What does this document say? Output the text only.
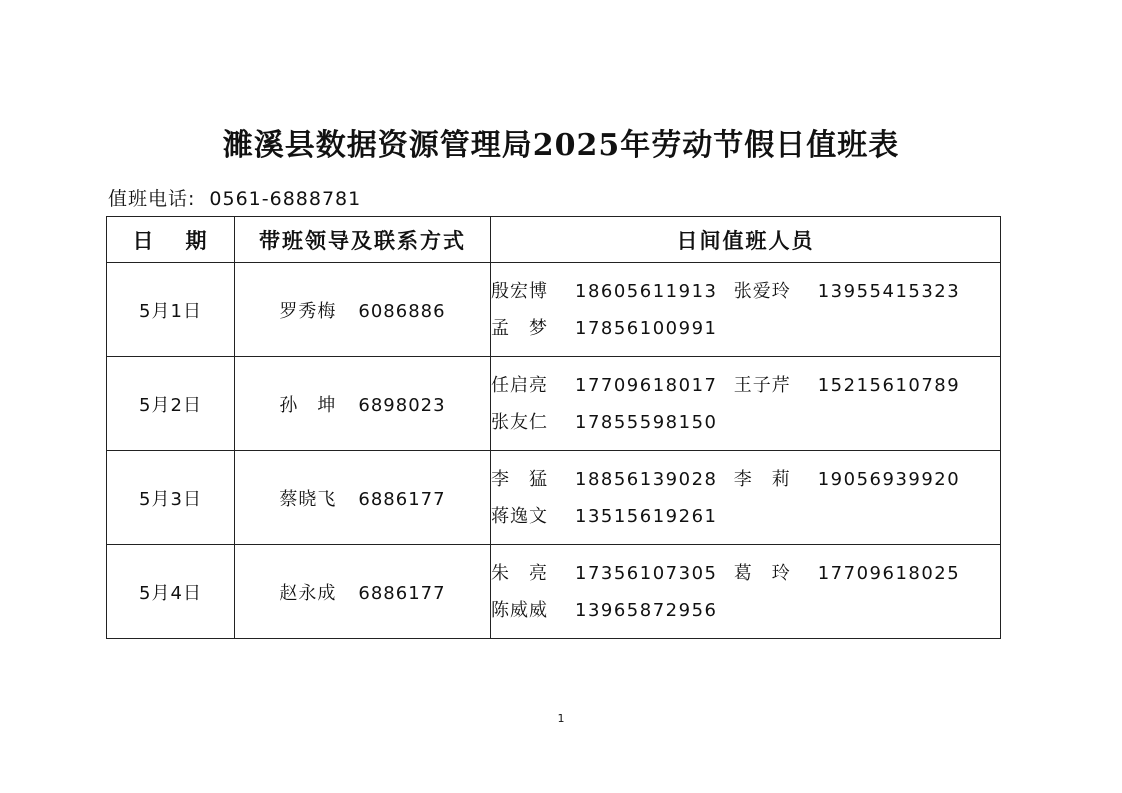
濉溪县数据资源管理局2025年劳动节假日值班表
值班电话: 0561-6888781
日 期	带班领导及联系方式	日间值班人员
5月1日	罗秀梅 6086886	殷宏博 18605611913 张爱玲 13955415323
孟　梦 17856100991

5月2日	孙　坤 6898023	任启亮 17709618017 王子芹 15215610789
张友仁 17855598150

5月3日	蔡晓飞 6886177	李　猛 18856139028 李　莉 19056939920
蒋逸文 13515619261

5月4日	赵永成 6886177	朱　亮 17356107305 葛　玲 17709618025
陈威威 13965872956
1
